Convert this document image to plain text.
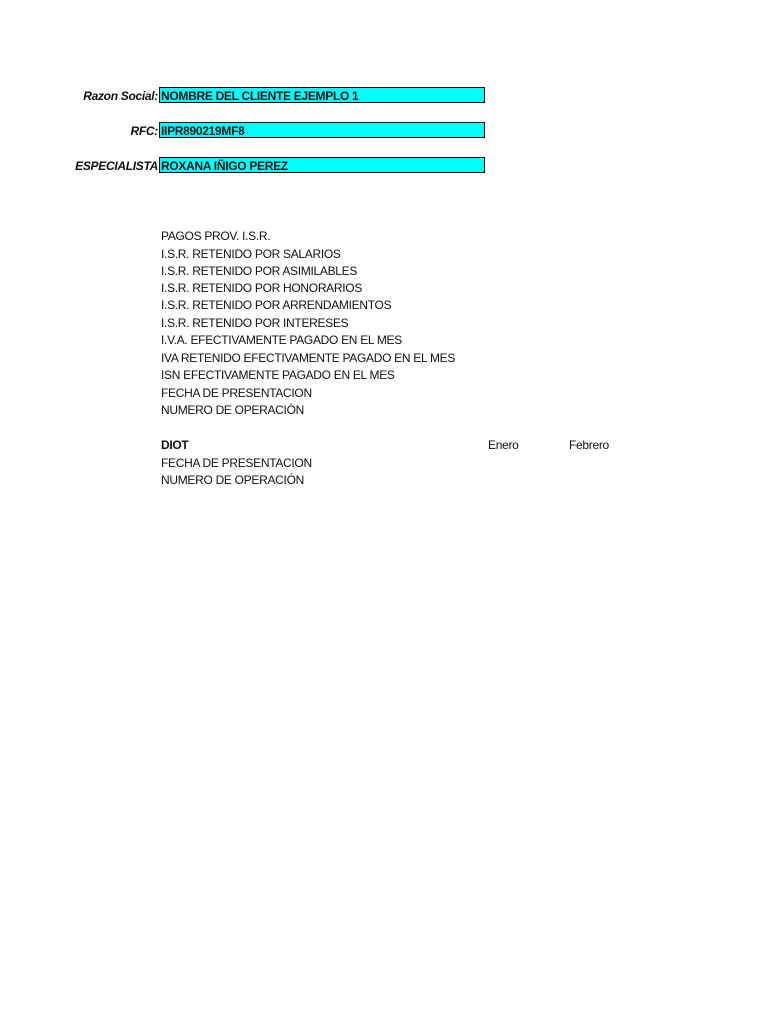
Razon Social: NOMBRE DEL CLIENTE EJEMPLO 1
RFC: IIPR890219MF8
ESPECIALISTA ROXANA IÑIGO PEREZ
PAGOS PROV. I.S.R.
I.S.R. RETENIDO POR SALARIOS
I.S.R. RETENIDO POR ASIMILABLES
I.S.R. RETENIDO POR HONORARIOS
I.S.R. RETENIDO POR ARRENDAMIENTOS
I.S.R. RETENIDO POR INTERESES
I.V.A. EFECTIVAMENTE PAGADO EN EL MES
IVA RETENIDO EFECTIVAMENTE PAGADO EN EL MES
ISN EFECTIVAMENTE PAGADO EN EL MES
FECHA DE PRESENTACION
NUMERO DE OPERACIÓN
DIOT	Enero	Febrero
FECHA DE PRESENTACION
NUMERO DE OPERACIÓN
